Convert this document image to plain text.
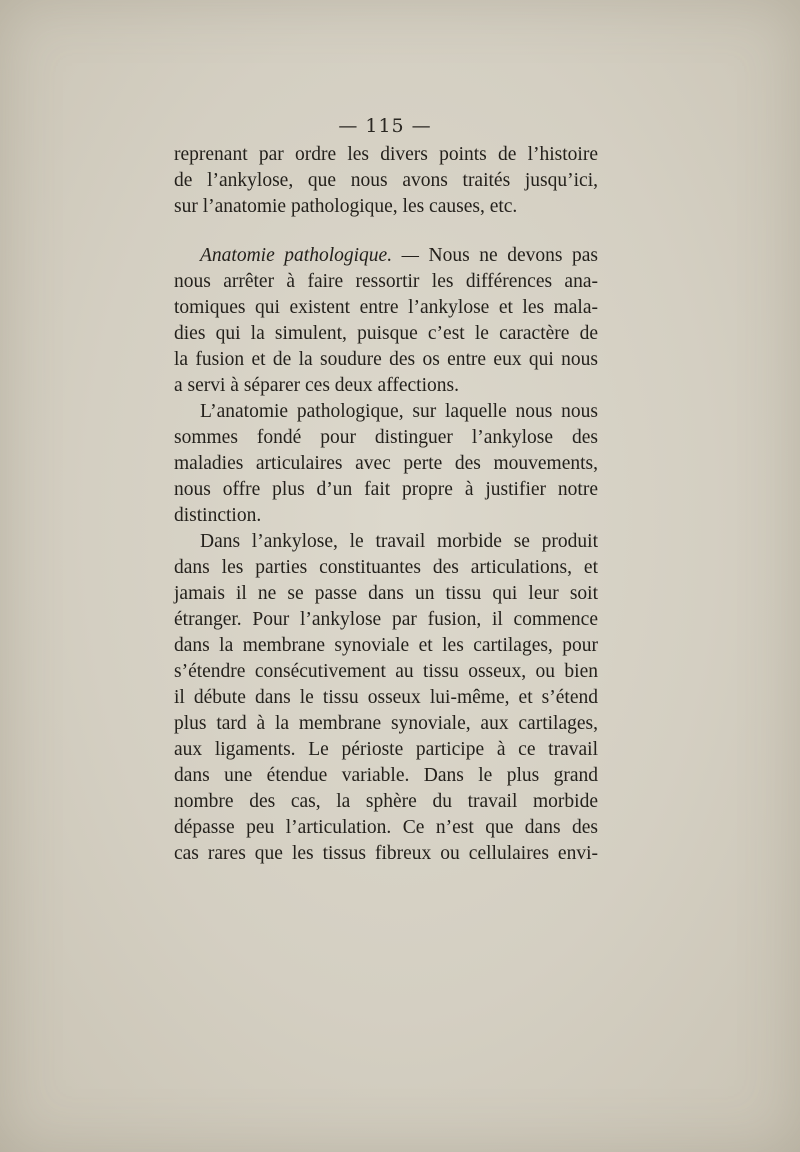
— 115 —
reprenant par ordre les divers points de l’histoire
de l’ankylose, que nous avons traités jusqu’ici,
sur l’anatomie pathologique, les causes, etc.
Anatomie pathologique. — Nous ne devons pas
nous arrêter à faire ressortir les différences ana-
tomiques qui existent entre l’ankylose et les mala-
dies qui la simulent, puisque c’est le caractère de
la fusion et de la soudure des os entre eux qui nous
a servi à séparer ces deux affections.
L’anatomie pathologique, sur laquelle nous nous
sommes fondé pour distinguer l’ankylose des
maladies articulaires avec perte des mouvements,
nous offre plus d’un fait propre à justifier notre
distinction.
Dans l’ankylose, le travail morbide se produit
dans les parties constituantes des articulations, et
jamais il ne se passe dans un tissu qui leur soit
étranger. Pour l’ankylose par fusion, il commence
dans la membrane synoviale et les cartilages, pour
s’étendre consécutivement au tissu osseux, ou bien
il débute dans le tissu osseux lui-même, et s’étend
plus tard à la membrane synoviale, aux cartilages,
aux ligaments. Le périoste participe à ce travail
dans une étendue variable. Dans le plus grand
nombre des cas, la sphère du travail morbide
dépasse peu l’articulation. Ce n’est que dans des
cas rares que les tissus fibreux ou cellulaires envi-
